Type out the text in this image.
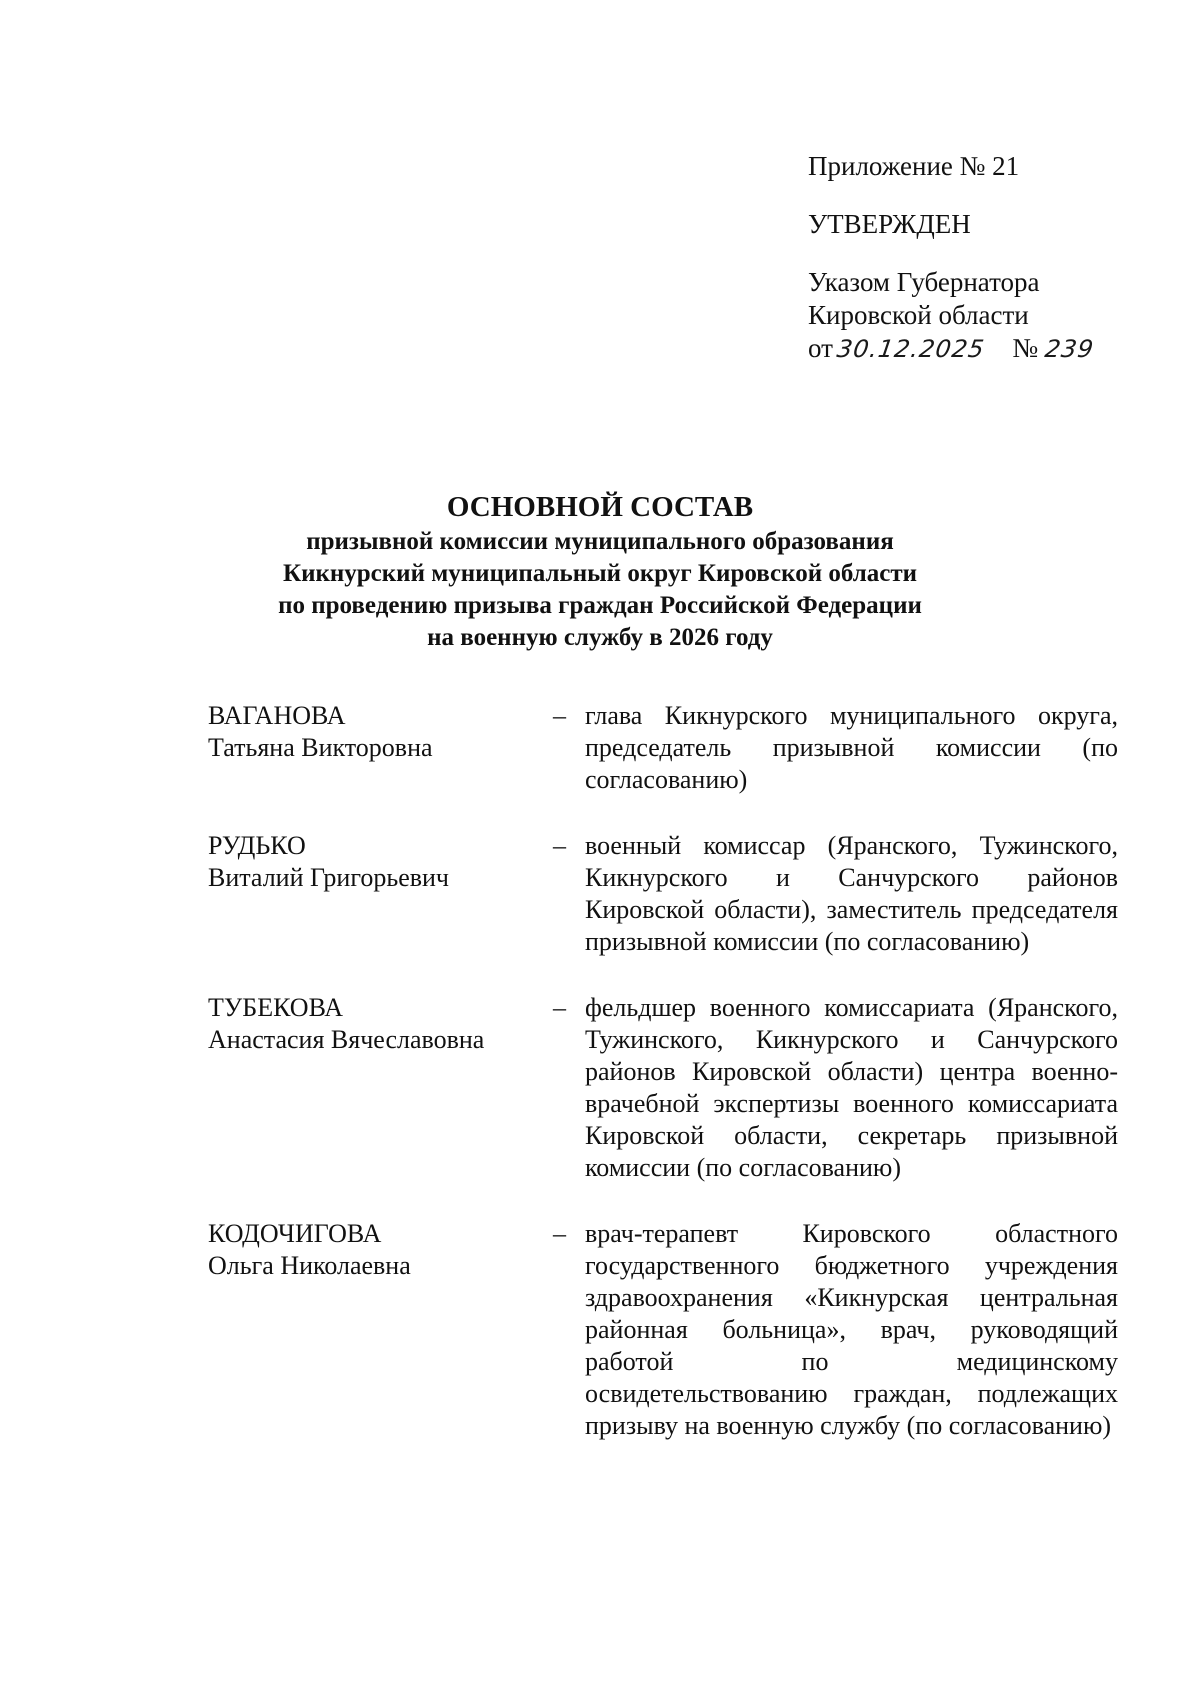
Приложение № 21
УТВЕРЖДЕН
Указом Губернатора
Кировской области
от30.12.2025 № 239
ОСНОВНОЙ СОСТАВ
призывной комиссии муниципального образования
Кикнурский муниципальный округ Кировской области
по проведению призыва граждан Российской Федерации
на военную службу в 2026 году
ВАГАНОВА
Татьяна Викторовна
– глава Кикнурского муниципального округа, председатель призывной комиссии (по согласованию)
РУДЬКО
Виталий Григорьевич
– военный комиссар (Яранского, Тужинского, Кикнурского и Санчурского районов Кировской области), заместитель председателя призывной комиссии (по согласованию)
ТУБЕКОВА
Анастасия Вячеславовна
– фельдшер военного комиссариата (Яранского, Тужинского, Кикнурского и Санчурского районов Кировской области) центра военно-врачебной экспертизы военного комиссариата Кировской области, секретарь призывной комиссии (по согласованию)
КОДОЧИГОВА
Ольга Николаевна
– врач-терапевт Кировского областного государственного бюджетного учреждения здравоохранения «Кикнурская центральная районная больница», врач, руководящий работой по медицинскому освидетельствованию граждан, подлежащих призыву на военную службу (по согласованию)
